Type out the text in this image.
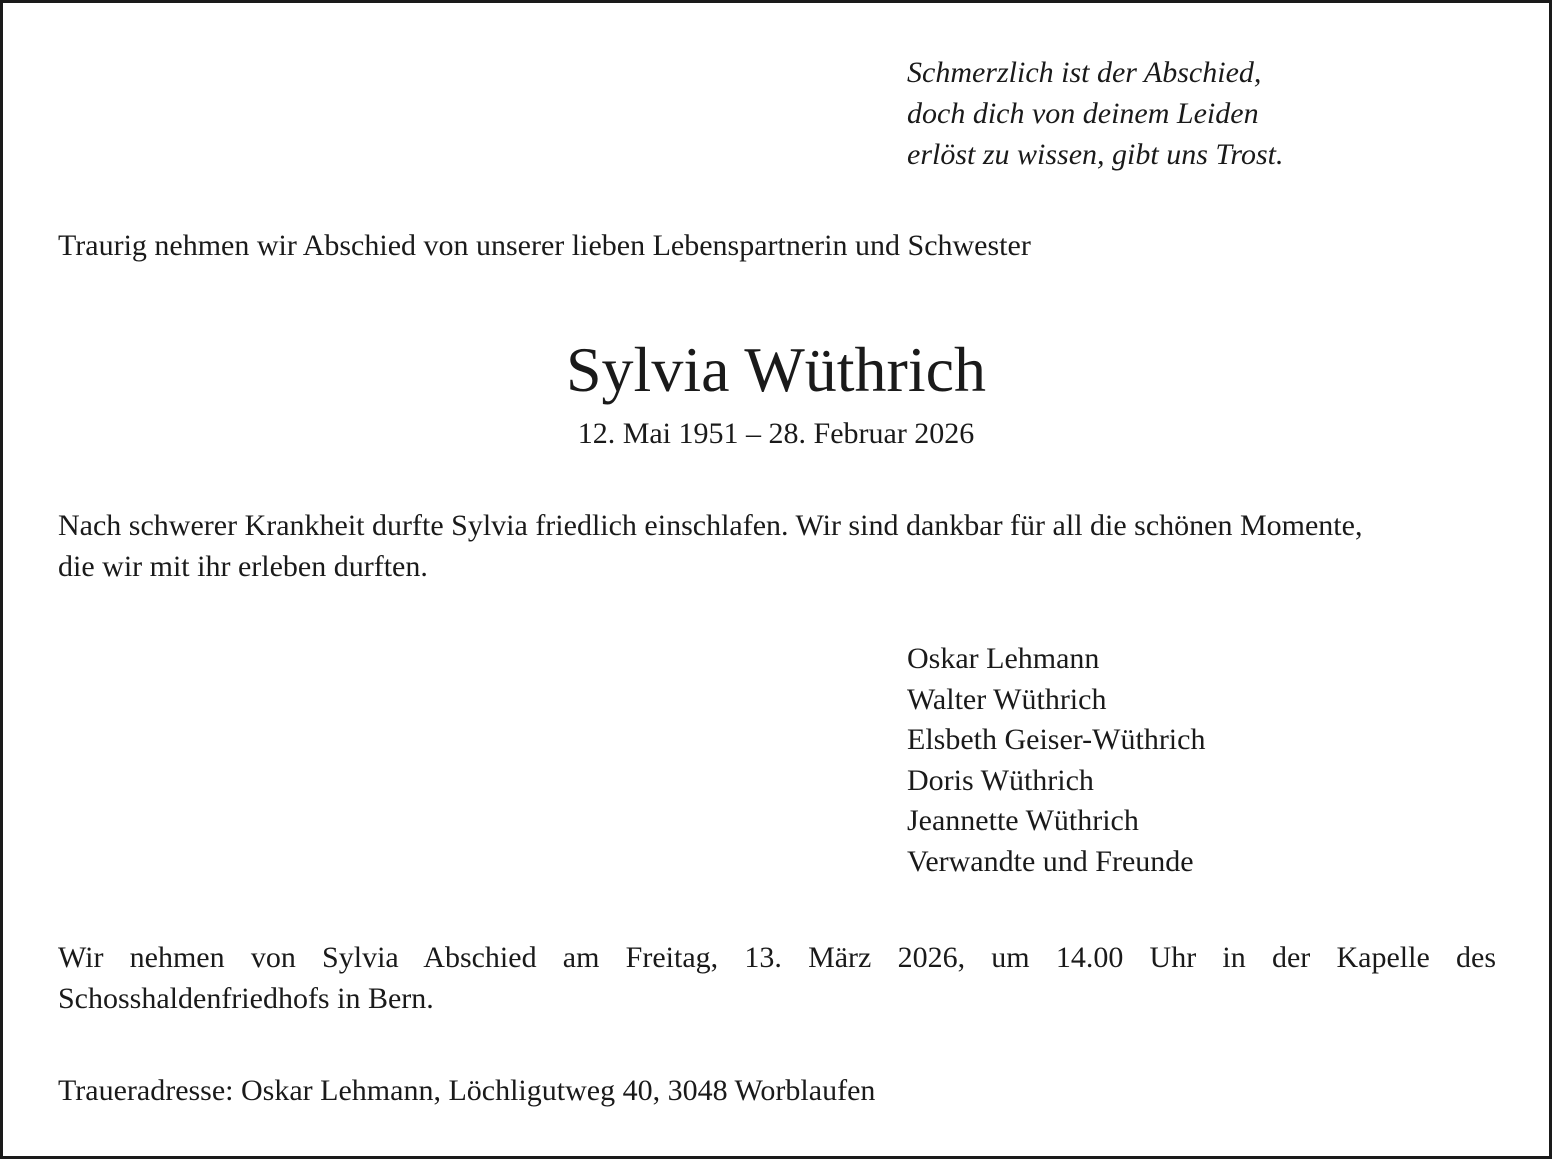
Schmerzlich ist der Abschied,
doch dich von deinem Leiden
erlöst zu wissen, gibt uns Trost.
Traurig nehmen wir Abschied von unserer lieben Lebenspartnerin und Schwester
Sylvia Wüthrich
12. Mai 1951 – 28. Februar 2026
Nach schwerer Krankheit durfte Sylvia friedlich einschlafen. Wir sind dankbar für all die schönen Momente,
die wir mit ihr erleben durften.
Oskar Lehmann
Walter Wüthrich
Elsbeth Geiser-Wüthrich
Doris Wüthrich
Jeannette Wüthrich
Verwandte und Freunde
Wir nehmen von Sylvia Abschied am Freitag, 13. März 2026, um 14.00 Uhr in der Kapelle des
Schosshaldenfriedhofs in Bern.
Traueradresse: Oskar Lehmann, Löchligutweg 40, 3048 Worblaufen
